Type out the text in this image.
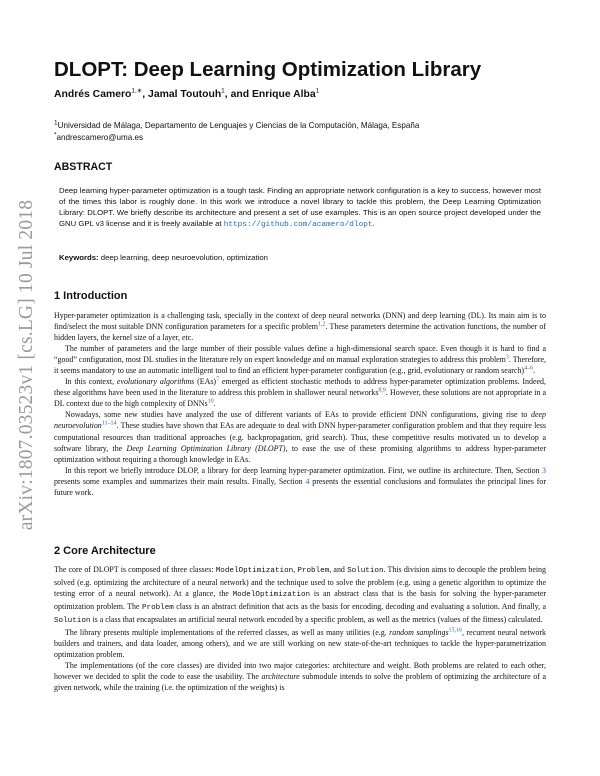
arXiv:1807.03523v1 [cs.LG] 10 Jul 2018
DLOPT: Deep Learning Optimization Library
Andrés Camero$^{1,∗}$, Jamal Toutouh$^1$, and Enrique Alba$^1$
$^1$Universidad de Málaga, Departamento de Lenguajes y Ciencias de la Computación, Málaga, España
*andrescamero@uma.es
ABSTRACT
Deep learning hyper-parameter optimization is a tough task. Finding an appropriate network configuration is a key to success, however most of the times this labor is roughly done. In this work we introduce a novel library to tackle this problem, the Deep Learning Optimization Library: DLOPT. We briefly describe its architecture and present a set of use examples. This is an open source project developed under the GNU GPL v3 license and it is freely available at https://github.com/acamero/dlopt.
Keywords: deep learning, deep neuroevolution, optimization
1 Introduction

Hyper-parameter optimization is a challenging task, specially in the context of deep neural networks (DNN) and deep learning (DL). Its main aim is to find/select the most suitable DNN configuration parameters for a specific problem$^{1,2}$. These parameters determine the activation functions, the number of hidden layers, the kernel size of a layer, etc.

The number of parameters and the large number of their possible values define a high-dimensional search space. Even though it is hard to find a “good” configuration, most DL studies in the literature rely on expert knowledge and on manual exploration strategies to address this problem$^3$. Therefore, it seems mandatory to use an automatic intelligent tool to find an efficient hyper-parameter configuration (e.g., grid, evolutionary or random search)$^{4-6}$.

In this context, evolutionary algorithms (EAs)$^7$ emerged as efficient stochastic methods to address hyper-parameter optimization problems. Indeed, these algorithms have been used in the literature to address this problem in shallower neural networks$^{8,9}$. However, these solutions are not appropriate in a DL context due to the high complexity of DNNs$^{10}$.

Nowadays, some new studies have analyzed the use of different variants of EAs to provide efficient DNN configurations, giving rise to deep neuroevolution$^{11-14}$. These studies have shown that EAs are adequate to deal with DNN hyper-parameter configuration problem and that they require less computational resources than traditional approaches (e.g. backpropagation, grid search). Thus, these competitive results motivated us to develop a software library, the Deep Learning Optimization Library (DLOPT), to ease the use of these promising algorithms to address hyper-parameter optimization without requiring a thorough knowledge in EAs.

In this report we briefly introduce DLOP, a library for deep learning hyper-parameter optimization. First, we outline its architecture. Then, Section 3 presents some examples and summarizes their main results. Finally, Section 4 presents the essential conclusions and formulates the principal lines for future work.

2 Core Architecture

The core of DLOPT is composed of three classes: ModelOptimization, Problem, and Solution. This division aims to decouple the problem being solved (e.g. optimizing the architecture of a neural network) and the technique used to solve the problem (e.g. using a genetic algorithm to optimize the testing error of a neural network). At a glance, the ModelOptimization is an abstract class that is the basis for solving the hyper-parameter optimization problem. The Problem class is an abstract definition that acts as the basis for encoding, decoding and evaluating a solution. And finally, a Solution is a class that encapsulates an artificial neural network encoded by a specific problem, as well as the metrics (values of the fitness) calculated.

The library presents multiple implementations of the referred classes, as well as many utilities (e.g. random samplings$^{15,16}$, recurrent neural network builders and trainers, and data loader, among others), and we are still working on new state-of-the-art techniques to tackle the hyper-parametrization optimization problem.

The implementations (of the core classes) are divided into two major categories: architecture and weight. Both problems are related to each other, however we decided to split the code to ease the usability. The architecture submodule intends to solve the problem of optimizing the architecture of a given network, while the training (i.e. the optimization of the weights) is
